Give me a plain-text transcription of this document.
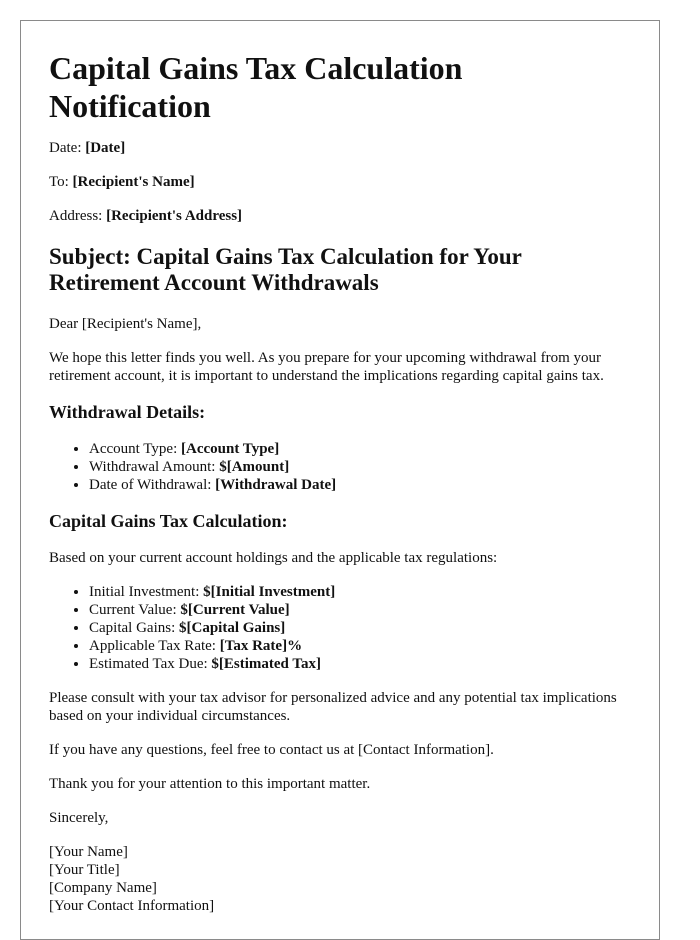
Capital Gains Tax Calculation Notification

Date: [Date]

To: [Recipient's Name]

Address: [Recipient's Address]

Subject: Capital Gains Tax Calculation for Your Retirement Account Withdrawals

Dear [Recipient's Name],

We hope this letter finds you well. As you prepare for your upcoming withdrawal from your retirement account, it is important to understand the implications regarding capital gains tax.

Withdrawal Details:
• Account Type: [Account Type]
• Withdrawal Amount: $[Amount]
• Date of Withdrawal: [Withdrawal Date]
Capital Gains Tax Calculation:

Based on your current account holdings and the applicable tax regulations:

• Initial Investment: $[Initial Investment]
• Current Value: $[Current Value]
• Capital Gains: $[Capital Gains]
• Applicable Tax Rate: [Tax Rate]%
• Estimated Tax Due: $[Estimated Tax]

Please consult with your tax advisor for personalized advice and any potential tax implications based on your individual circumstances.

If you have any questions, feel free to contact us at [Contact Information].

Thank you for your attention to this important matter.

Sincerely,

[Your Name]
[Your Title]
[Company Name]
[Your Contact Information]
